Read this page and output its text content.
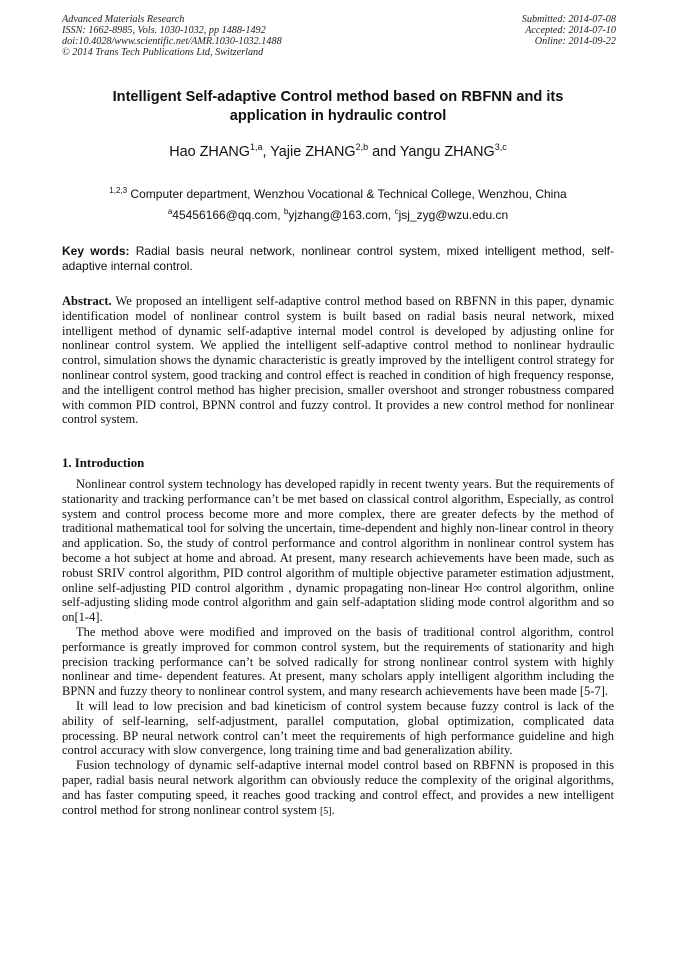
Advanced Materials Research
ISSN: 1662-8985, Vols. 1030-1032, pp 1488-1492
doi:10.4028/www.scientific.net/AMR.1030-1032.1488
© 2014 Trans Tech Publications Ltd, Switzerland
Submitted: 2014-07-08
Accepted: 2014-07-10
Online: 2014-09-22
Intelligent Self-adaptive Control method based on RBFNN and its
application in hydraulic control
Hao ZHANG$^{1,a}$, Yajie ZHANG$^{2,b}$ and Yangu ZHANG$^{3,c}$
$^{1,2,3}$ Computer department, Wenzhou Vocational & Technical College, Wenzhou, China
$^a$45456166@qq.com, $^b$yjzhang@163.com, $^c$jsj_zyg@wzu.edu.cn
Key words: Radial basis neural network, nonlinear control system, mixed intelligent method, self-adaptive internal control.
Abstract. We proposed an intelligent self-adaptive control method based on RBFNN in this paper, dynamic identification model of nonlinear control system is built based on radial basis neural network, mixed intelligent method of dynamic self-adaptive internal model control is developed by adjusting online for nonlinear control system. We applied the intelligent self-adaptive control method to nonlinear hydraulic control, simulation shows the dynamic characteristic is greatly improved by the intelligent control strategy for nonlinear control system, good tracking and control effect is reached in condition of high frequency response, and the intelligent control method has higher precision, smaller overshoot and stronger robustness compared with common PID control, BPNN control and fuzzy control. It provides a new control method for nonlinear control system.
1. Introduction

Nonlinear control system technology has developed rapidly in recent twenty years. But the requirements of stationarity and tracking performance can’t be met based on classical control algorithm, Especially, as control system and control process become more and more complex, there are greater defects by the method of traditional mathematical tool for solving the uncertain, time-dependent and highly non-linear control in theory and application. So, the study of control performance and control algorithm in nonlinear control system has become a hot subject at home and abroad. At present, many research achievements have been made, such as robust SRIV control algorithm, PID control algorithm of multiple objective parameter estimation adjustment, online self-adjusting PID control algorithm , dynamic propagating non-linear H∞ control algorithm, online self-adjusting sliding mode control algorithm and gain self-adaptation sliding mode control algorithm and so on[1-4].

The method above were modified and improved on the basis of traditional control algorithm, control performance is greatly improved for common control system, but the requirements of stationarity and high precision tracking performance can’t be solved radically for strong nonlinear control system with highly nonlinear and time- dependent features. At present, many scholars apply intelligent algorithm including the BPNN and fuzzy theory to nonlinear control system, and many research achievements have been made [5-7].

It will lead to low precision and bad kineticism of control system because fuzzy control is lack of the ability of self-learning, self-adjustment, parallel computation, global optimization, complicated data processing. BP neural network control can’t meet the requirements of high performance guideline and high control accuracy with slow convergence, long training time and bad generalization ability.

Fusion technology of dynamic self-adaptive internal model control based on RBFNN is proposed in this paper, radial basis neural network algorithm can obviously reduce the complexity of the original algorithms, and has faster computing speed, it reaches good tracking and control effect, and provides a new intelligent control method for strong nonlinear control system [5].
